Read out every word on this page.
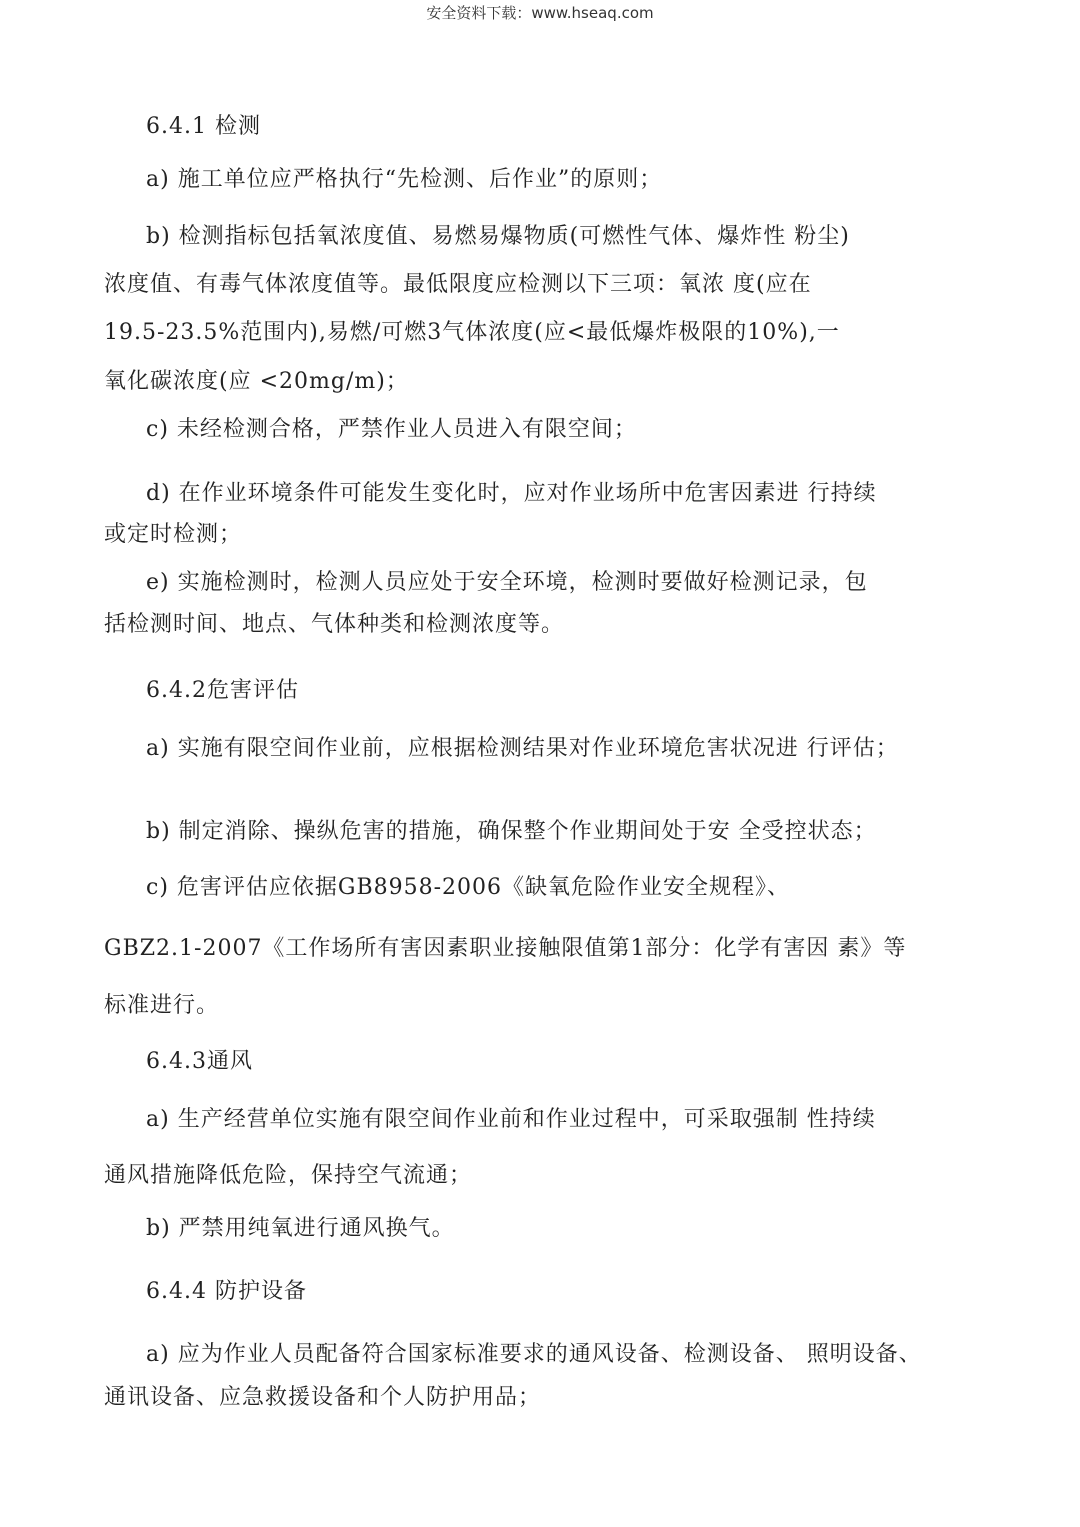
安全资料下载：www.hseaq.com
6.4.1 检测
a) 施工单位应严格执行“先检测、后作业”的原则；
b) 检测指标包括氧浓度值、易燃易爆物质(可燃性气体、爆炸性 粉尘)
浓度值、有毒气体浓度值等。最低限度应检测以下三项：氧浓 度(应在
19.5-23.5%范围内),易燃/可燃3气体浓度(应<最低爆炸极限的10%),一
氧化碳浓度(应 <20mg/m)；
c) 未经检测合格，严禁作业人员进入有限空间；
d) 在作业环境条件可能发生变化时，应对作业场所中危害因素进 行持续
或定时检测；
e) 实施检测时，检测人员应处于安全环境，检测时要做好检测记录，包
括检测时间、地点、气体种类和检测浓度等。
6.4.2危害评估
a) 实施有限空间作业前，应根据检测结果对作业环境危害状况进 行评估；
b) 制定消除、操纵危害的措施，确保整个作业期间处于安 全受控状态；
c) 危害评估应依据GB8958-2006《缺氧危险作业安全规程》、
GBZ2.1-2007《工作场所有害因素职业接触限值第1部分：化学有害因 素》等
标准进行。
6.4.3通风
a) 生产经营单位实施有限空间作业前和作业过程中，可采取强制 性持续
通风措施降低危险，保持空气流通；
b) 严禁用纯氧进行通风换气。
6.4.4 防护设备
a) 应为作业人员配备符合国家标准要求的通风设备、检测设备、 照明设备、
通讯设备、应急救援设备和个人防护用品；
